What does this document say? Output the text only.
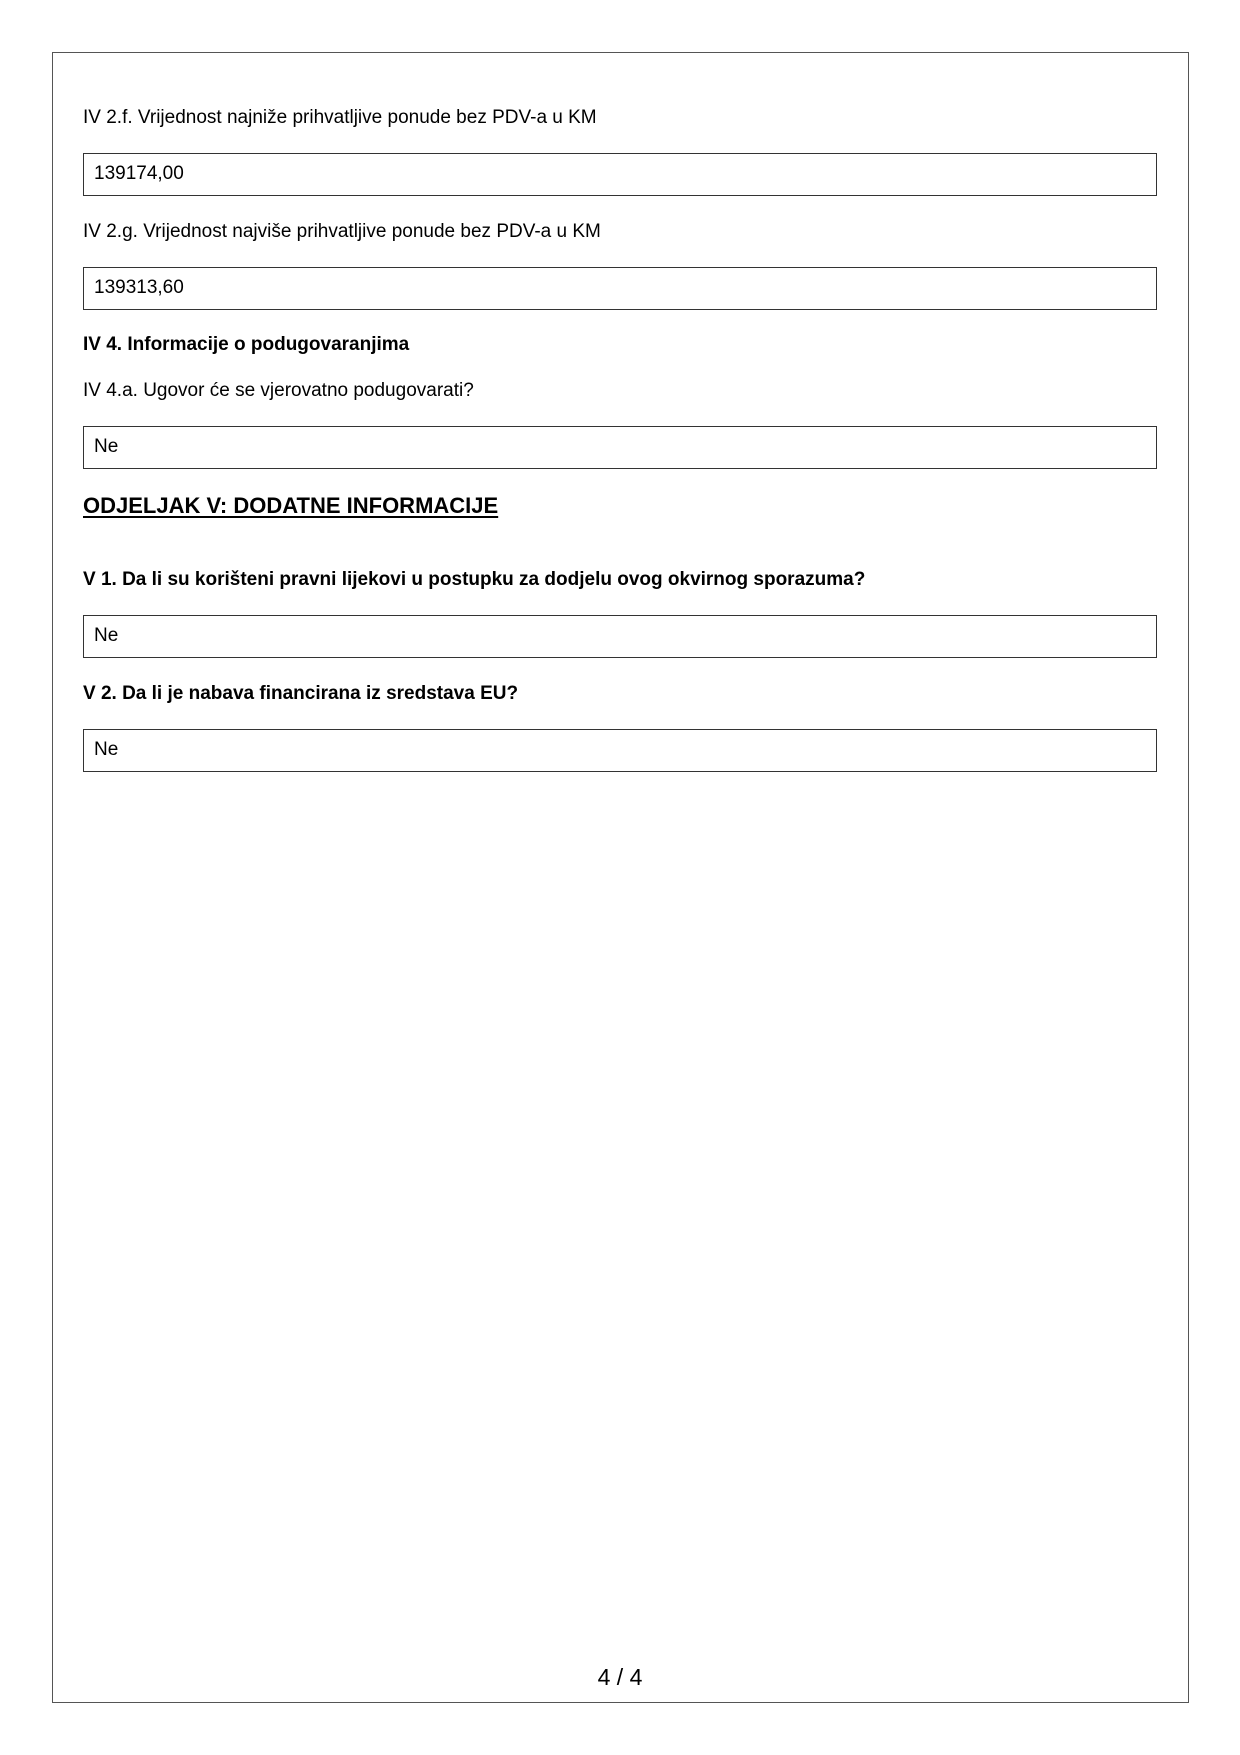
IV 2.f. Vrijednost najniže prihvatljive ponude bez PDV-a u KM
139174,00
IV 2.g. Vrijednost najviše prihvatljive ponude bez PDV-a u KM
139313,60
IV 4. Informacije o podugovaranjima
IV 4.a. Ugovor će se vjerovatno podugovarati?
Ne
ODJELJAK V: DODATNE INFORMACIJE
V 1. Da li su korišteni pravni lijekovi u postupku za dodjelu ovog okvirnog sporazuma?
Ne
V 2. Da li je nabava financirana iz sredstava EU?
Ne
4 / 4
